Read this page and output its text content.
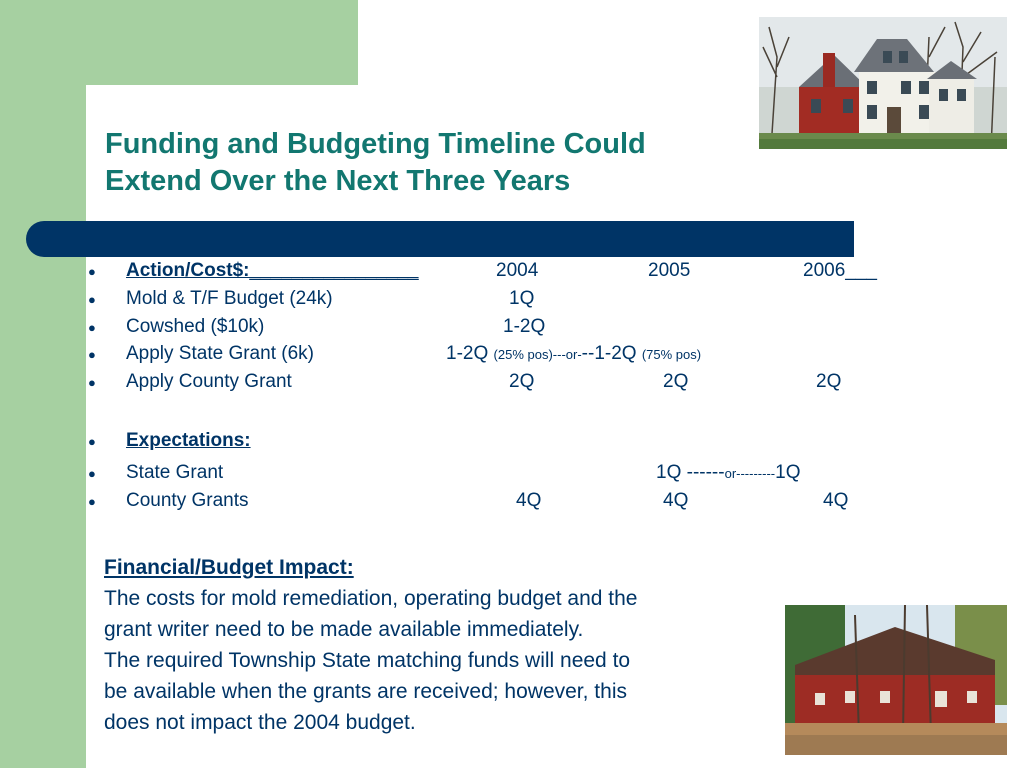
Funding and Budgeting Timeline Could
Extend Over the Next Three Years
● Action/Cost$:________________	2004	2005	2006___
● Mold & T/F Budget (24k)	1Q
● Cowshed ($10k)	1-2Q
● Apply State Grant (6k)	1-2Q (25% pos)---or---1-2Q (75% pos)
● Apply County Grant	2Q	2Q	2Q
● Expectations:
● State Grant	1Q ------or---------1Q
● County Grants	4Q	4Q	4Q

Financial/Budget Impact:

The costs for mold remediation, operating budget and the

grant writer need to be made available immediately.

The required Township State matching funds will need to

be available when the grants are received; however, this

does not impact the 2004 budget.
